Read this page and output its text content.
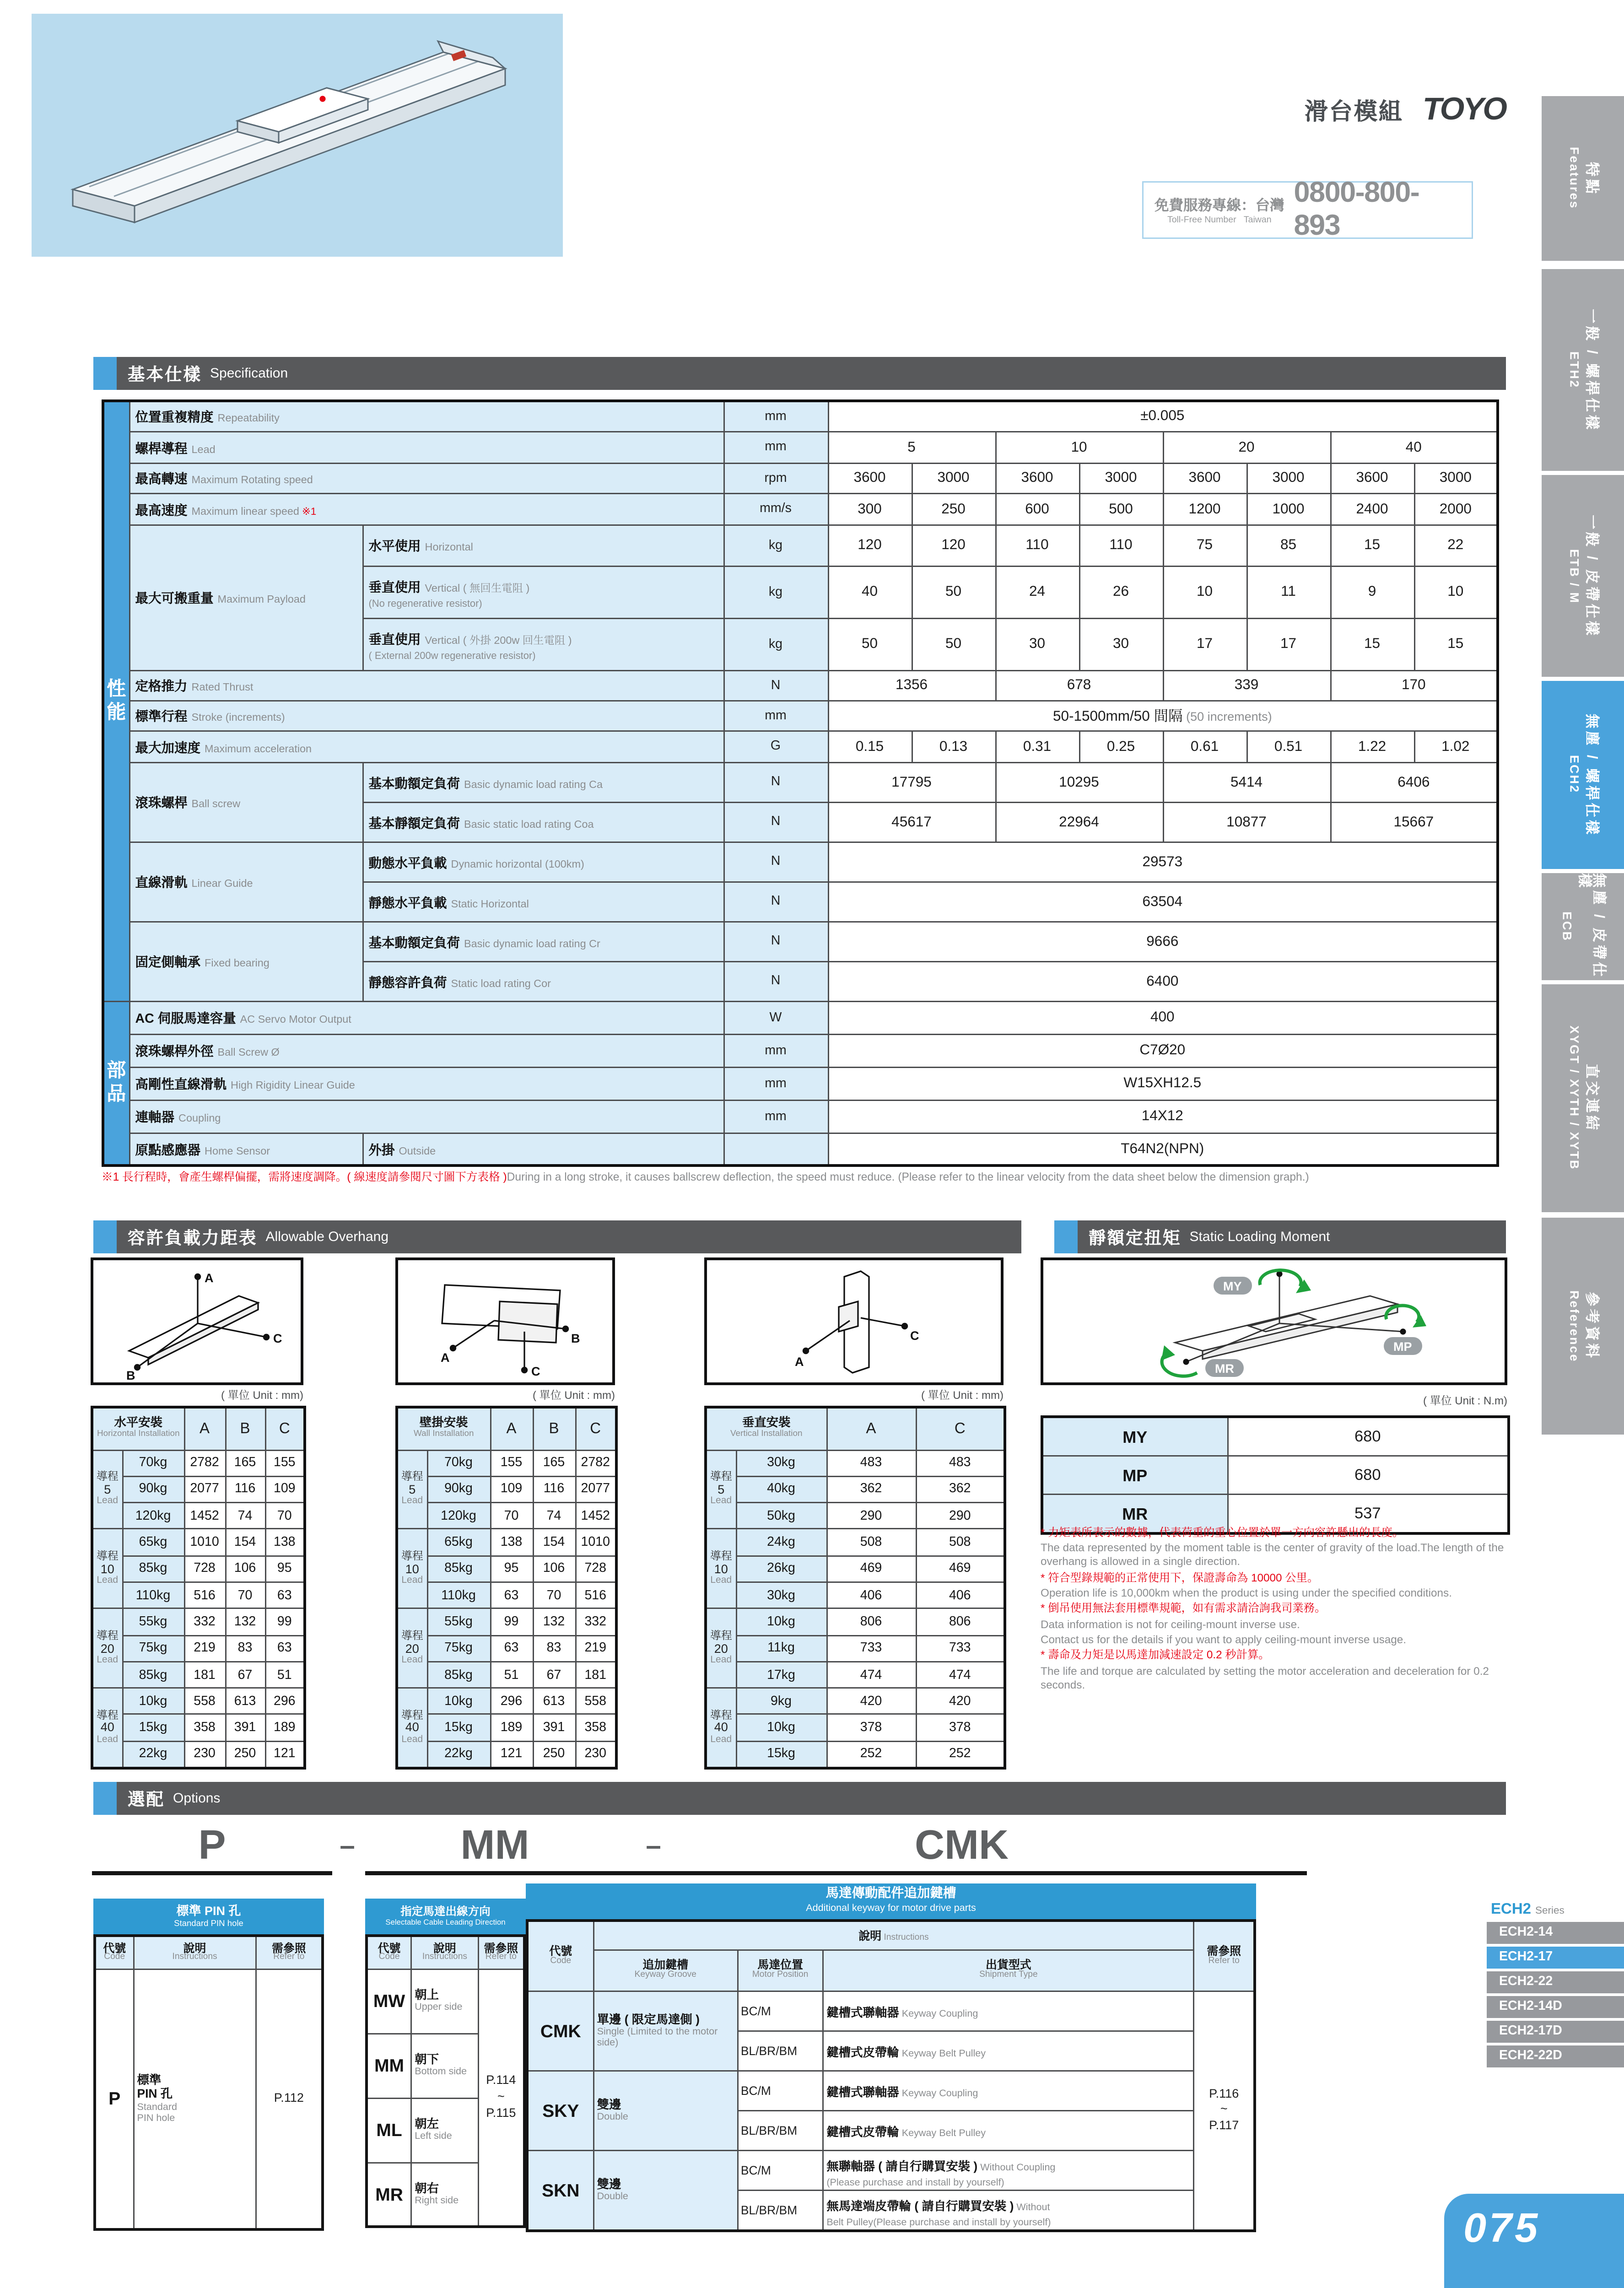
滑台模組 TOYO
免費服務專線：台灣
Toll-Free Number	Taiwan
0800-800-893
Features 特點
ETH2 一般 / 螺桿仕樣
ETB / M 一般 / 皮帶仕樣
ECH2 無塵 / 螺桿仕樣
ECB	無塵 / 皮帶仕樣
XYGT / XYTH / XYTB 直交連結
Reference 參考資料
基本仕樣 Specification
性能	位置重複精度 Repeatability		mm	±0.005							
	螺桿導程 Lead		mm	5		10		20		40	
	最高轉速 Maximum Rotating speed		rpm	3600	3000	3600	3000	3600	3000	3600	3000
	最高速度 Maximum linear speed ※1		mm/s	300	250	600	500	1200	1000	2400	2000
	最大可搬重量 Maximum Payload	水平使用 Horizontal	kg	120	120	110	110	75	85	15	22
		垂直使用 Vertical ( 無回生電阻 )
(No regenerative resistor)	kg	40	50	24	26	10	11	9	10
		垂直使用 Vertical ( 外掛 200w 回生電阻 )
( External 200w regenerative resistor)	kg	50	50	30	30	17	17	15	15
	定格推力 Rated Thrust		N	1356		678		339		170	
	標準行程 Stroke (increments)		mm	50-1500mm/50 間隔 (50 increments)							
	最大加速度 Maximum acceleration		G	0.15	0.13	0.31	0.25	0.61	0.51	1.22	1.02
	滾珠螺桿 Ball screw	基本動額定負荷 Basic dynamic load rating Ca	N	17795		10295		5414		6406	
		基本靜額定負荷 Basic static load rating Coa	N	45617		22964		10877		15667	
	直線滑軌 Linear Guide	動態水平負載 Dynamic horizontal (100km)	N	29573							
		靜態水平負載 Static Horizontal	N	63504							
	固定側軸承 Fixed bearing	基本動額定負荷 Basic dynamic load rating Cr	N	9666							
		靜態容許負荷 Static load rating Cor	N	6400							
部品	AC 伺服馬達容量 AC Servo Motor Output		W	400							
	滾珠螺桿外徑 Ball Screw Ø		mm	C7Ø20							
	高剛性直線滑軌 High Rigidity Linear Guide		mm	W15XH12.5							
	連軸器 Coupling		mm	14X12							
	原點感應器 Home Sensor	外掛 Outside		T64N2(NPN)							
※1 長行程時，會產生螺桿偏擺，需將速度調降。( 線速度請參閱尺寸圖下方表格 )During in a long stroke, it causes ballscrew deflection, the speed must reduce. (Please refer to the linear velocity from the data sheet below the dimension graph.)
容許負載力距表 Allowable Overhang
A
B
C
A
B
C
A
C
( 單位 Unit : mm)	( 單位 Unit : mm)	( 單位 Unit : mm)
水平安裝
Horizontal Installation		A	B	C

導程
5
Lead	70kg	2782	165	155
	90kg	2077	116	109
	120kg	1452	74	70

導程
10
Lead	65kg	1010	154	138
	85kg	728	106	95
	110kg	516	70	63

導程
20
Lead	55kg	332	132	99
	75kg	219	83	63
	85kg	181	67	51

導程
40
Lead	10kg	558	613	296
	15kg	358	391	189
	22kg	230	250	121
壁掛安裝
Wall Installation		A	B	C

導程
5
Lead	70kg	155	165	2782
	90kg	109	116	2077
	120kg	70	74	1452

導程
10
Lead	65kg	138	154	1010
	85kg	95	106	728
	110kg	63	70	516

導程
20
Lead	55kg	99	132	332
	75kg	63	83	219
	85kg	51	67	181

導程
40
Lead	10kg	296	613	558
	15kg	189	391	358
	22kg	121	250	230
垂直安裝
Vertical Installation		A	C

導程
5
Lead	30kg	483	483
	40kg	362	362
	50kg	290	290

導程
10
Lead	24kg	508	508
	26kg	469	469
	30kg	406	406

導程
20
Lead	10kg	806	806
	11kg	733	733
	17kg	474	474

導程
40
Lead	9kg	420	420
	10kg	378	378
	15kg	252	252
靜額定扭矩 Static Loading Moment
MY
MP
MR
( 單位 Unit : N.m)
MY	680
MP	680
MR	537
* 力矩表所表示的數據，代表荷重的重心位置於單一方向容許懸出的長度。
The data represented by the moment table is the center of gravity of the load.The length of the overhang is allowed in a single direction.
* 符合型錄規範的正常使用下，保證壽命為 10000 公里。
Operation life is 10,000km when the product is using under the specified conditions.
* 倒吊使用無法套用標準規範，如有需求請洽詢我司業務。
Data information is not for ceiling-mount inverse use.
Contact us for the details if you want to apply ceiling-mount inverse usage.
* 壽命及力矩是以馬達加減速設定 0.2 秒計算。
The life and torque are calculated by setting the motor acceleration and deceleration for 0.2 seconds.
選配 Options
P	–	MM	–	CMK
標準 PIN 孔
Standard PIN hole
代號
Code	說明
Instructions	需參照
Refer to

P	標準
PIN 孔
Standard
PIN hole	P.112
指定馬達出線方向
Selectable Cable Leading Direction
代號
Code	說明
Instructions	需參照
Refer to

MW	朝上
Upper side	P.114
~
P.115

MM	朝下
Bottom side	

ML	朝左
Left side	

MR	朝右
Right side	
馬達傳動配件追加鍵槽
Additional keyway for motor drive parts
代號
Code	說明 Instructions			需參照
Refer to

	追加鍵槽
Keyway Groove	馬達位置
Motor Position	出貨型式
Shipment Type	

CMK	單邊 ( 限定馬達側 )
Single (Limited to the motor side)	BC/M	鍵槽式聯軸器 Keyway Coupling	P.116
~
P.117

		BL/BR/BM	鍵槽式皮帶輪 Keyway Belt Pulley	
SKY	雙邊
Double	BC/M	鍵槽式聯軸器 Keyway Coupling	
		BL/BR/BM	鍵槽式皮帶輪 Keyway Belt Pulley	
SKN	雙邊
Double	BC/M	無聯軸器 ( 請自行購買安裝 ) Without Coupling
(Please purchase and install by yourself)	

		BL/BR/BM	無馬達端皮帶輪 ( 請自行購買安裝 ) Without
Belt Pulley(Please purchase and install by yourself)	
ECH2 Series
ECH2-14
ECH2-17
ECH2-22
ECH2-14D
ECH2-17D
ECH2-22D
075
